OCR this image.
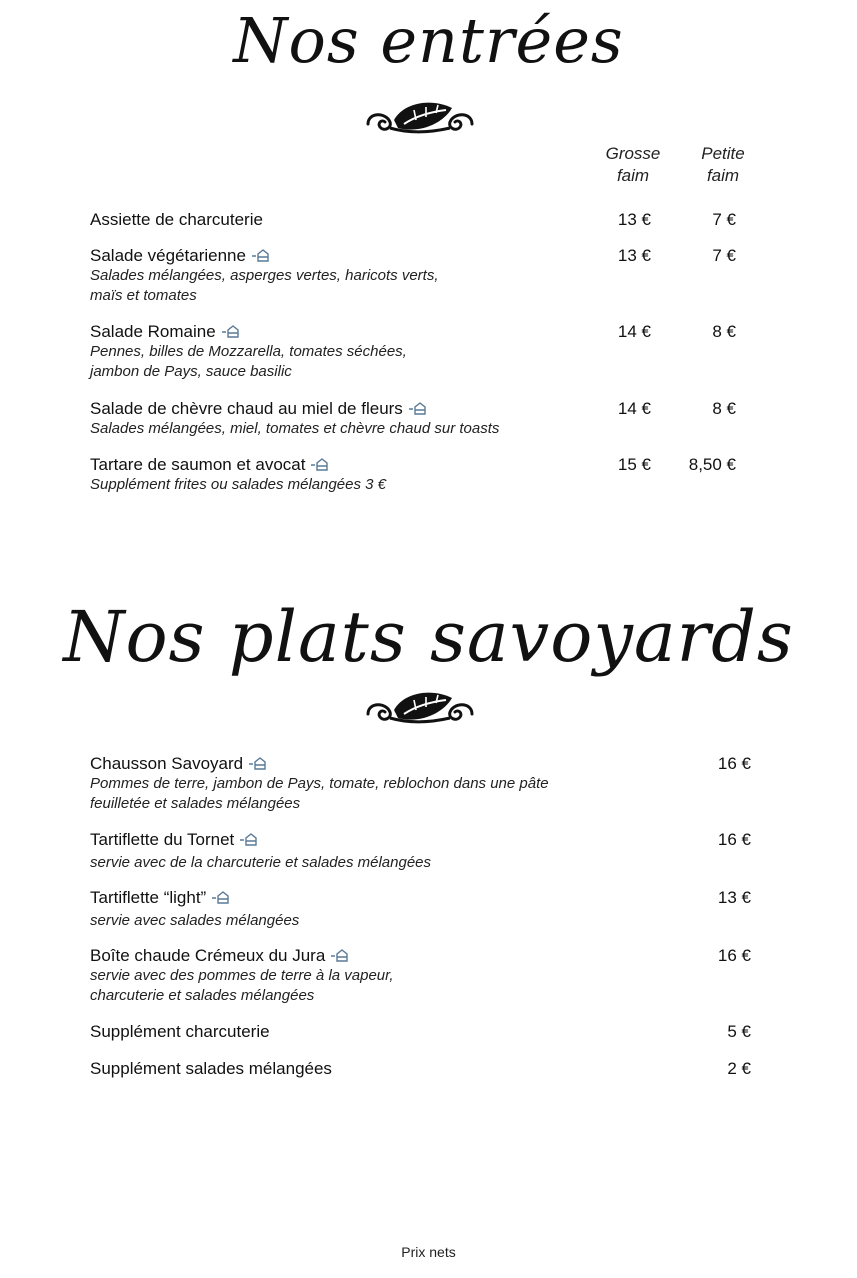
Nos entrées
Grosse
faim
Petite
faim
Assiette de charcuterie	13 €	7 €
Salade végétarienne
Salades mélangées, asperges vertes, haricots verts,
maïs et tomates
13 €	7 €
Salade Romaine
Pennes, billes de Mozzarella, tomates séchées,
jambon de Pays, sauce basilic
14 €	8 €
Salade de chèvre chaud au miel de fleurs
Salades mélangées, miel, tomates et chèvre chaud sur toasts
14 €	8 €
Tartare de saumon et avocat
Supplément frites ou salades mélangées 3 €
15 € 8,50 €
Nos plats savoyards
Chausson Savoyard
Pommes de terre, jambon de Pays, tomate, reblochon dans une pâte
feuilletée et salades mélangées
16 €
Tartiflette du Tornet
servie avec de la charcuterie et salades mélangées
16 €
Tartiflette “light”
servie avec salades mélangées
13 €
Boîte chaude Crémeux du Jura
servie avec des pommes de terre à la vapeur,
charcuterie et salades mélangées
16 €
Supplément charcuterie	5 €
Supplément salades mélangées	2 €
Prix nets
